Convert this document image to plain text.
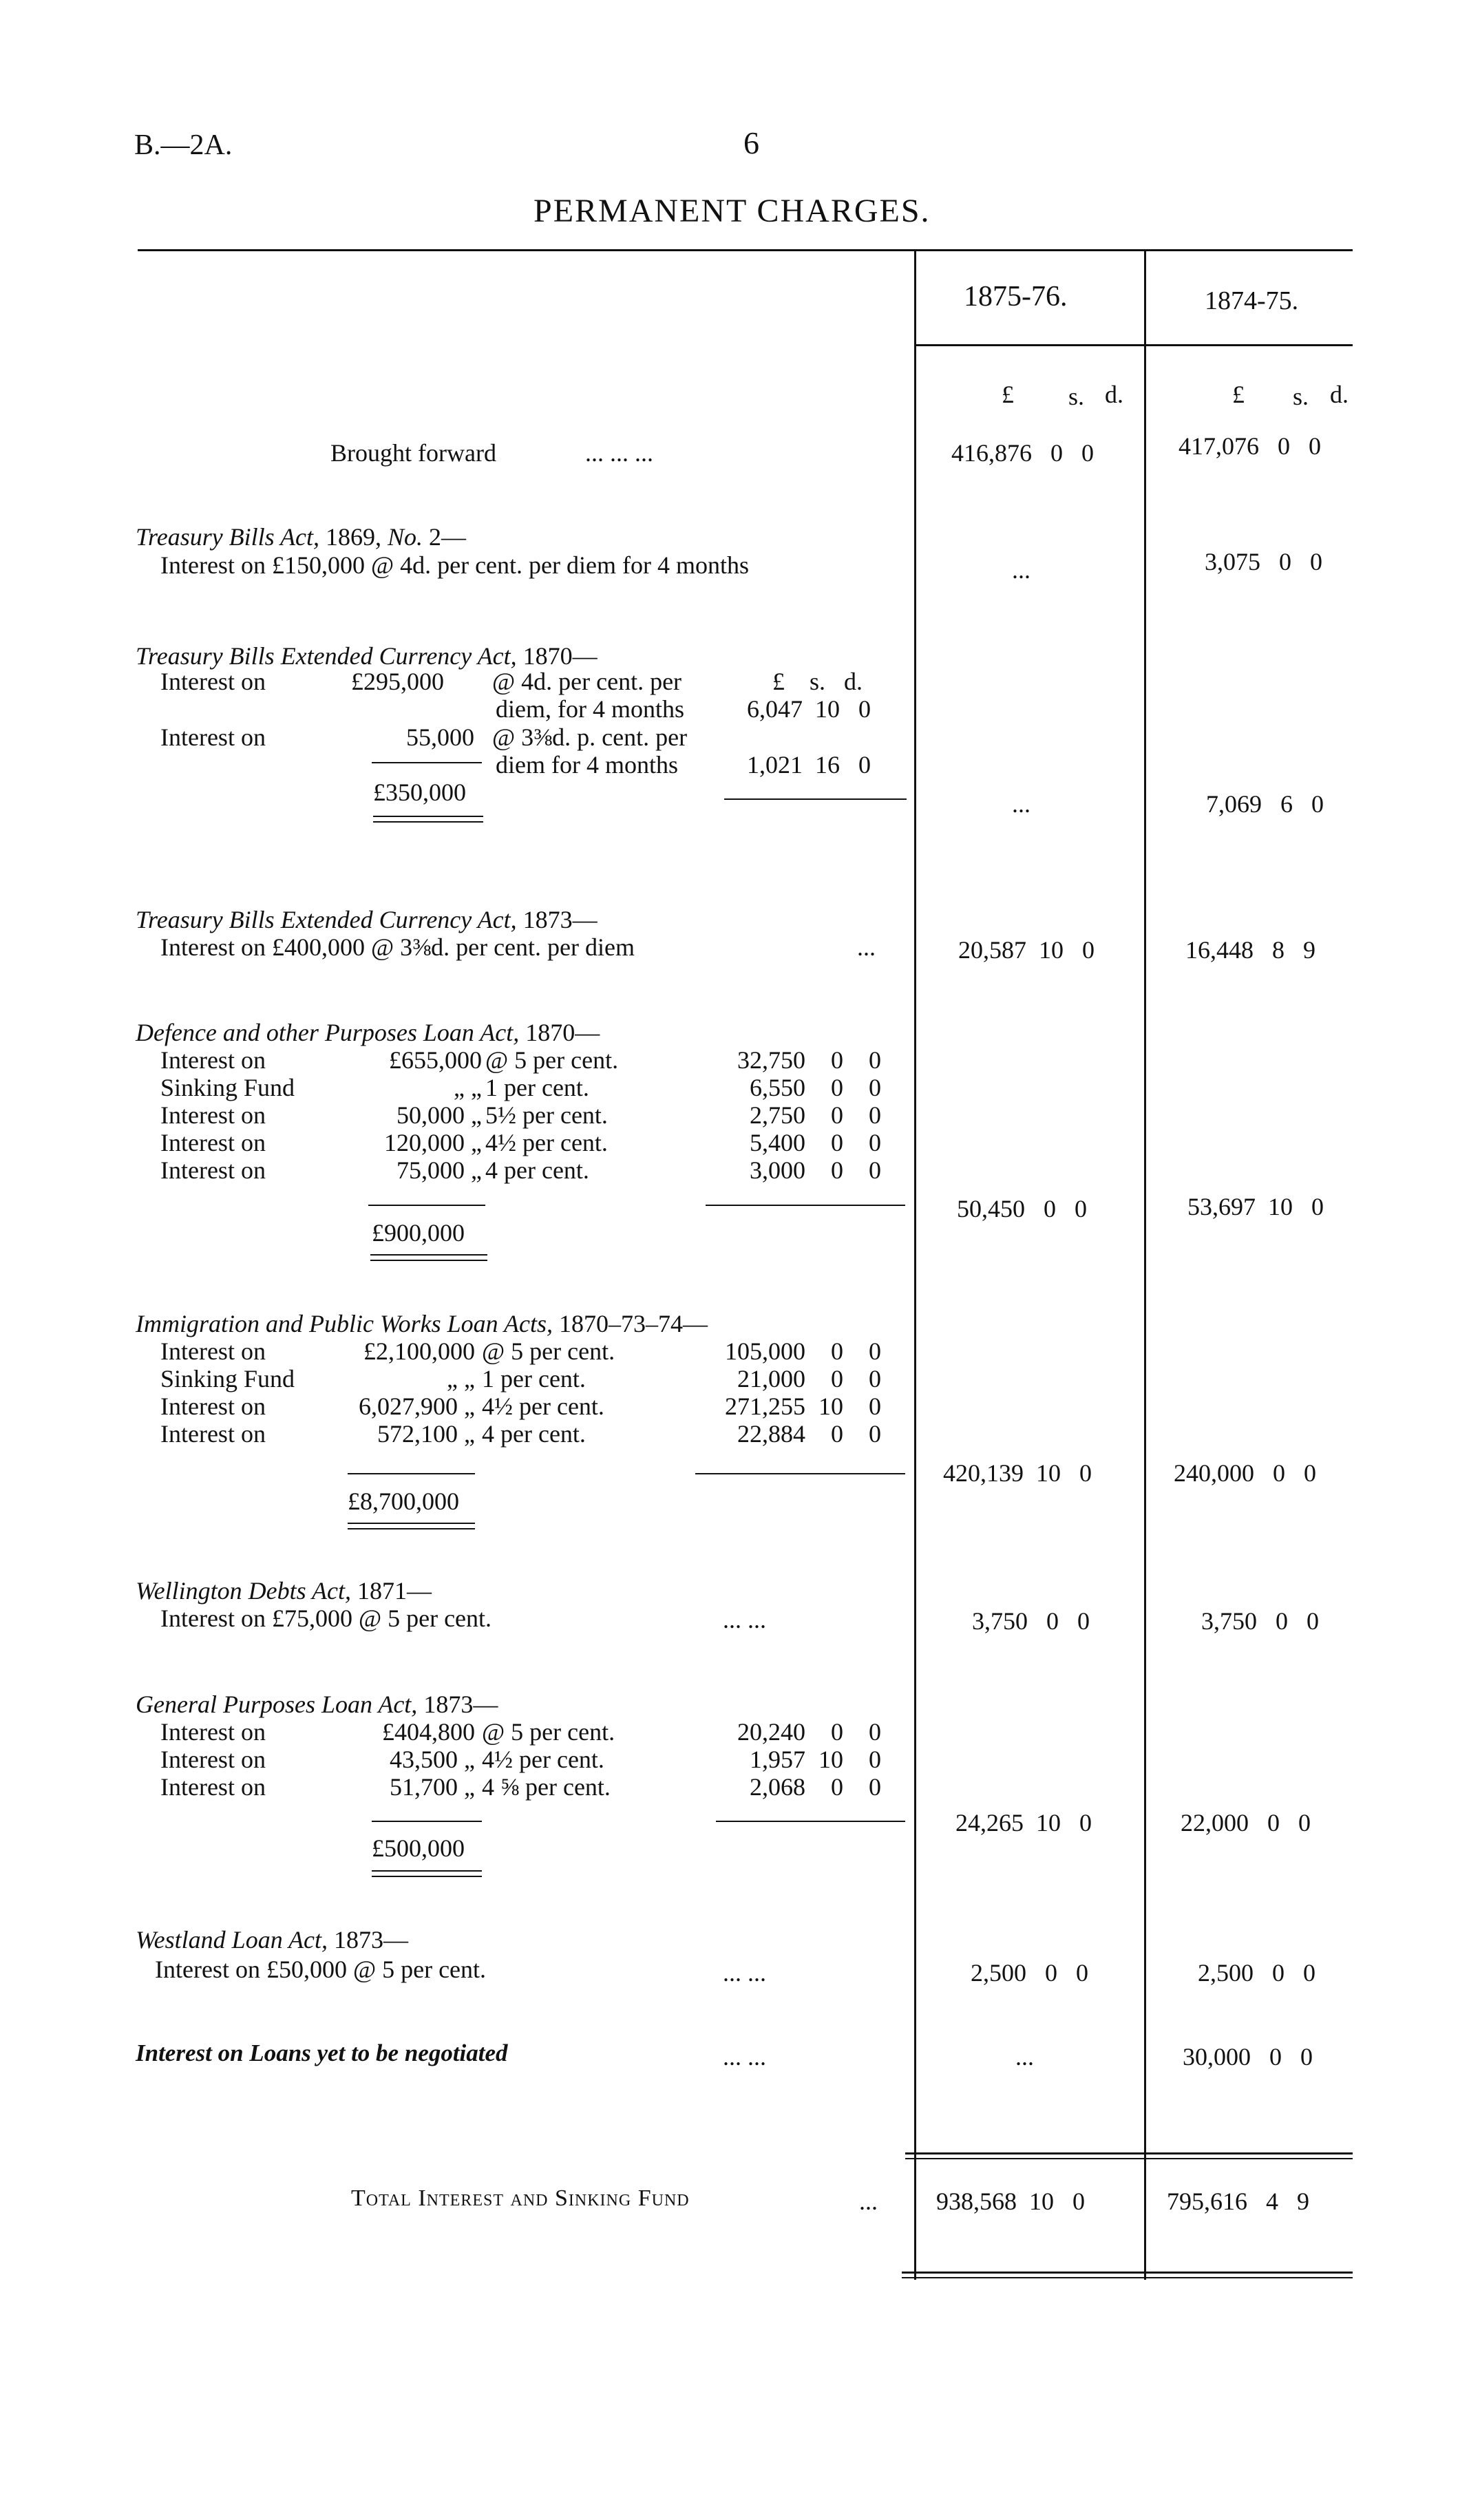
B.—2A.	6
PERMANENT CHARGES.
1875-76.	1874-75.
£ s. d.	£ s. d.
Brought forward	... ... ...	416,876 0 0	417,076 0 0
Treasury Bills Act, 1869, No. 2—
Interest on £150,000 @ 4d. per cent. per diem for 4 months	...	3,075 0 0
Treasury Bills Extended Currency Act, 1870—
£ s. d.
Interest on	£295,000 @ 4d. per cent. per
diem, for 4 months	6,047 10 0
Interest on	55,000 @ 3⅜d. p. cent. per
diem for 4 months	1,021 16 0
£350,000	...	7,069 6 0
Treasury Bills Extended Currency Act, 1873—
Interest on £400,000 @ 3⅜d. per cent. per diem	...	20,587 10 0	16,448 8 9
Defence and other Purposes Loan Act, 1870—
Interest on	£655,000 @ 5 per cent.	32,750 0 0
Sinking Fund	„ „ 1 per cent.	6,550 0 0
Interest on	50,000 „ 5½ per cent.	2,750 0 0
Interest on	120,000 „ 4½ per cent.	5,400 0 0
Interest on	75,000 „ 4 per cent.	3,000 0 0
£900,000
50,450 0 0	53,697 10 0
Immigration and Public Works Loan Acts, 1870–73–74—
Interest on	£2,100,000 @ 5 per cent.	105,000 0 0
Sinking Fund	„ „ 1 per cent.	21,000 0 0
Interest on	6,027,900 „ 4½ per cent.	271,255 10 0
Interest on	572,100 „ 4 per cent.	22,884 0 0
£8,700,000
420,139 10 0	240,000 0 0
Wellington Debts Act, 1871—
Interest on £75,000 @ 5 per cent.	... ...	3,750 0 0	3,750 0 0
General Purposes Loan Act, 1873—
Interest on	£404,800 @ 5 per cent.	20,240 0 0
Interest on	43,500 „ 4½ per cent.	1,957 10 0
Interest on	51,700 „ 4 ⅝ per cent.	2,068 0 0
£500,000
24,265 10 0	22,000 0 0
Westland Loan Act, 1873—
Interest on £50,000 @ 5 per cent.	... ...	2,500 0 0	2,500 0 0
Interest on Loans yet to be negotiated	... ...	...	30,000 0 0
Total Interest and Sinking Fund	... 938,568 10 0	795,616 4 9
